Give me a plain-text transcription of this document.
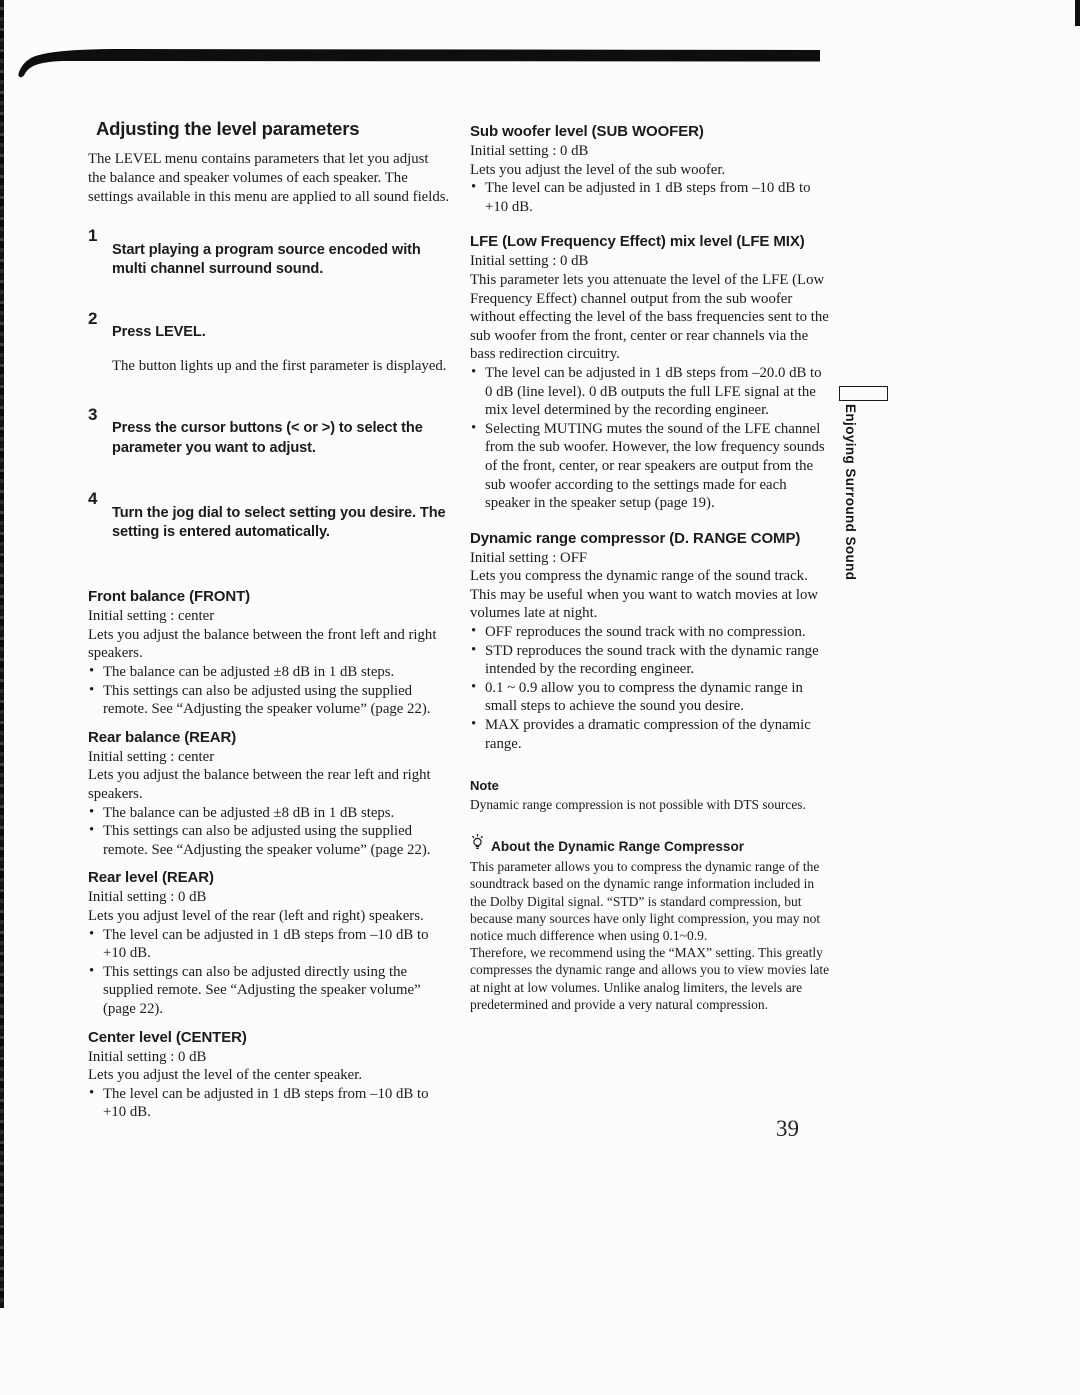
Adjusting the level parameters

The LEVEL menu contains parameters that let you adjust the balance and speaker volumes of each speaker. The settings available in this menu are applied to all sound fields.

1

Start playing a program source encoded with multi channel surround sound.

2

Press LEVEL.

The button lights up and the first parameter is displayed.

3

Press the cursor buttons (< or >) to select the parameter you want to adjust.

4

Turn the jog dial to select setting you desire. The setting is entered automatically.

Front balance (FRONT)

Initial setting : center

Lets you adjust the balance between the front left and right speakers.

• The balance can be adjusted ±8 dB in 1 dB steps.
• This settings can also be adjusted using the supplied remote. See “Adjusting the speaker volume” (page 22).
Rear balance (REAR)

Initial setting : center

Lets you adjust the balance between the rear left and right speakers.

• The balance can be adjusted ±8 dB in 1 dB steps.
• This settings can also be adjusted using the supplied remote. See “Adjusting the speaker volume” (page 22).
Rear level (REAR)

Initial setting : 0 dB

Lets you adjust level of the rear (left and right) speakers.

• The level can be adjusted in 1 dB steps from –10 dB to +10 dB.
• This settings can also be adjusted directly using the supplied remote. See “Adjusting the speaker volume” (page 22).
Center level (CENTER)

Initial setting : 0 dB

Lets you adjust the level of the center speaker.

• The level can be adjusted in 1 dB steps from –10 dB to +10 dB.
Sub woofer level (SUB WOOFER)

Initial setting : 0 dB

Lets you adjust the level of the sub woofer.

• The level can be adjusted in 1 dB steps from –10 dB to +10 dB.
LFE (Low Frequency Effect) mix level (LFE MIX)

Initial setting : 0 dB

This parameter lets you attenuate the level of the LFE (Low Frequency Effect) channel output from the sub woofer without effecting the level of the bass frequencies sent to the sub woofer from the front, center or rear channels via the bass redirection circuitry.

• The level can be adjusted in 1 dB steps from –20.0 dB to 0 dB (line level). 0 dB outputs the full LFE signal at the mix level determined by the recording engineer.
• Selecting MUTING mutes the sound of the LFE channel from the sub woofer. However, the low frequency sounds of the front, center, or rear speakers are output from the sub woofer according to the settings made for each speaker in the speaker setup (page 19).
Dynamic range compressor (D. RANGE COMP)

Initial setting : OFF

Lets you compress the dynamic range of the sound track. This may be useful when you want to watch movies at low volumes late at night.

• OFF reproduces the sound track with no compression.
• STD reproduces the sound track with the dynamic range intended by the recording engineer.
• 0.1 ~ 0.9 allow you to compress the dynamic range in small steps to achieve the sound you desire.
• MAX provides a dramatic compression of the dynamic range.

Note

Dynamic range compression is not possible with DTS sources.

About the Dynamic Range Compressor

This parameter allows you to compress the dynamic range of the soundtrack based on the dynamic range information included in the Dolby Digital signal. “STD” is standard compression, but because many sources have only light compression, you may not notice much difference when using 0.1~0.9.

Therefore, we recommend using the “MAX” setting. This greatly compresses the dynamic range and allows you to view movies late at night at low volumes. Unlike analog limiters, the levels are predetermined and provide a very natural compression.

Enjoying Surround Sound
39
